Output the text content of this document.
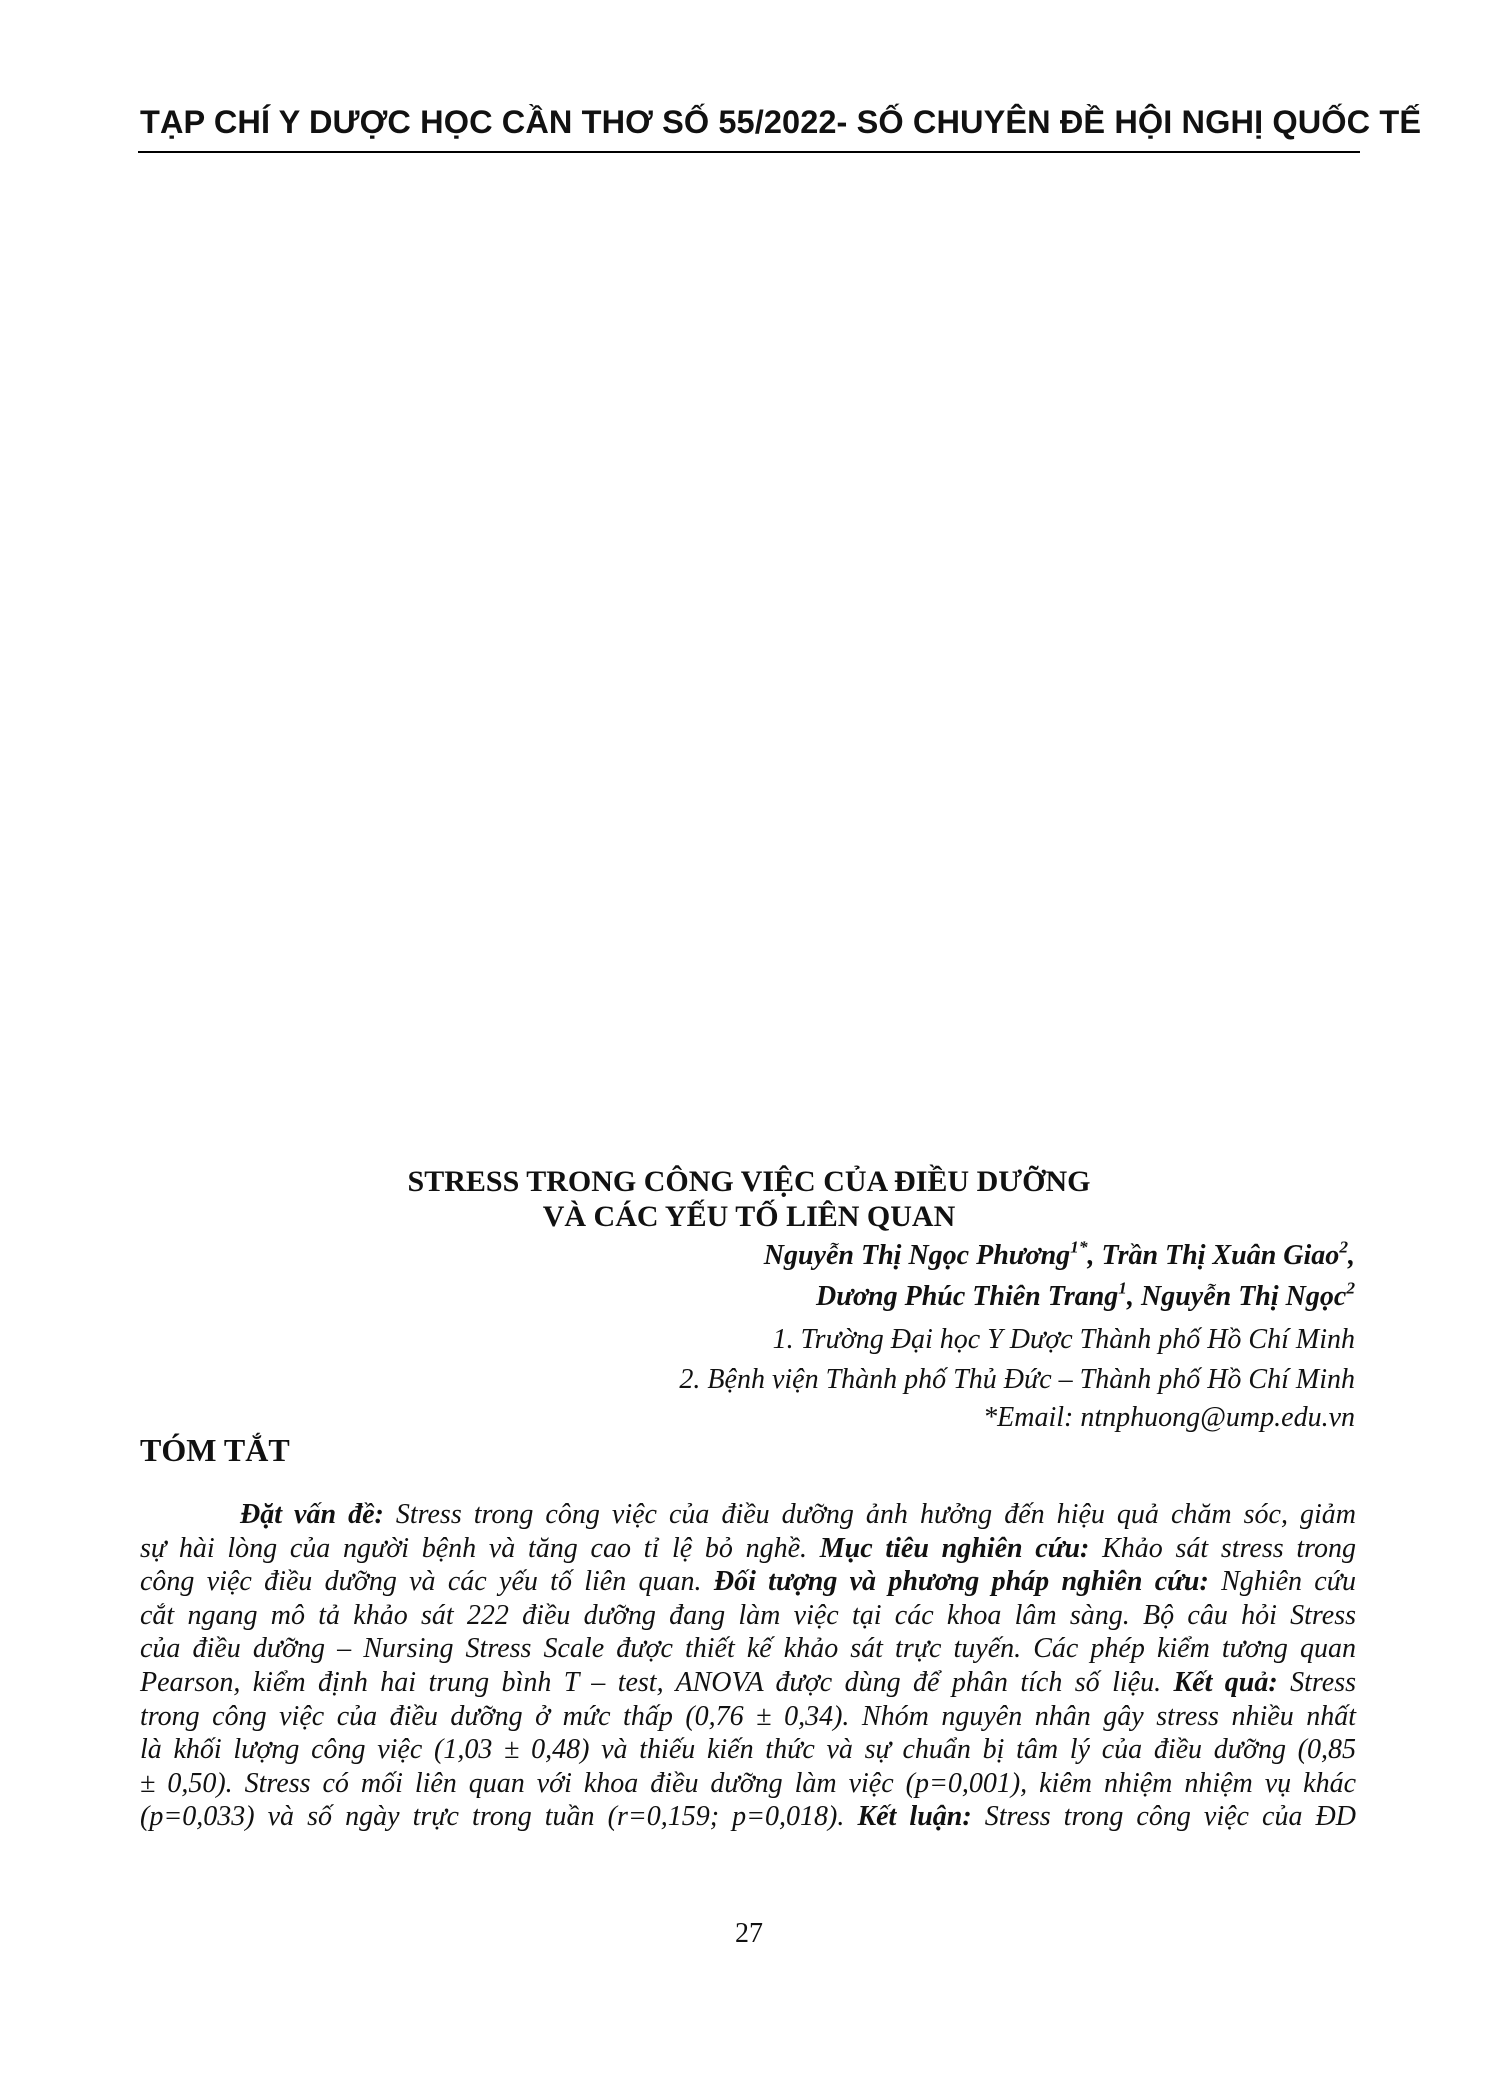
TẠP CHÍ Y DƯỢC HỌC CẦN THƠ SỐ 55/2022- SỐ CHUYÊN ĐỀ HỘI NGHỊ QUỐC TẾ
STRESS TRONG CÔNG VIỆC CỦA ĐIỀU DƯỠNG
VÀ CÁC YẾU TỐ LIÊN QUAN
Nguyễn Thị Ngọc Phương$^{1*}$, Trần Thị Xuân Giao$^2$,
Dương Phúc Thiên Trang$^1$, Nguyễn Thị Ngọc$^2$
1. Trường Đại học Y Dược Thành phố Hồ Chí Minh
2. Bệnh viện Thành phố Thủ Đức – Thành phố Hồ Chí Minh
*Email: ntnphuong@ump.edu.vn
TÓM TẮT
Đặt vấn đề: Stress trong công việc của điều dưỡng ảnh hưởng đến hiệu quả chăm sóc, giảm
sự hài lòng của người bệnh và tăng cao tỉ lệ bỏ nghề. Mục tiêu nghiên cứu: Khảo sát stress trong
công việc điều dưỡng và các yếu tố liên quan. Đối tượng và phương pháp nghiên cứu: Nghiên cứu
cắt ngang mô tả khảo sát 222 điều dưỡng đang làm việc tại các khoa lâm sàng. Bộ câu hỏi Stress
của điều dưỡng – Nursing Stress Scale được thiết kế khảo sát trực tuyến. Các phép kiểm tương quan
Pearson, kiểm định hai trung bình T – test, ANOVA được dùng để phân tích số liệu. Kết quả: Stress
trong công việc của điều dưỡng ở mức thấp (0,76 ± 0,34). Nhóm nguyên nhân gây stress nhiều nhất
là khối lượng công việc (1,03 ± 0,48) và thiếu kiến thức và sự chuẩn bị tâm lý của điều dưỡng (0,85
± 0,50). Stress có mối liên quan với khoa điều dưỡng làm việc (p=0,001), kiêm nhiệm nhiệm vụ khác
(p=0,033) và số ngày trực trong tuần (r=0,159; p=0,018). Kết luận: Stress trong công việc của ĐD
27
